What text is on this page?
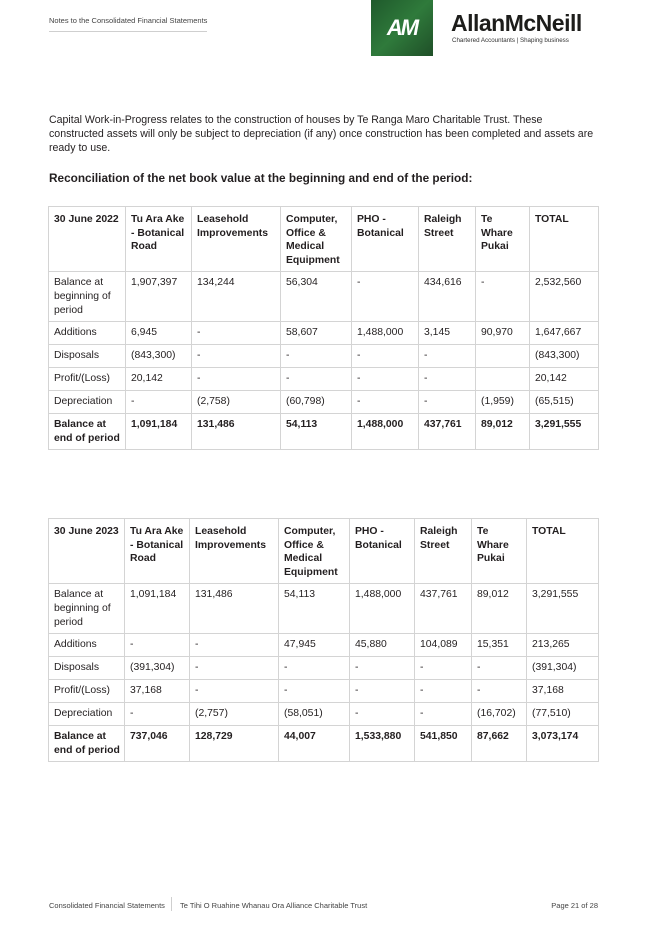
Notes to the Consolidated Financial Statements	AM AllanMcNeill
Chartered Accountants | Shaping business
Capital Work-in-Progress relates to the construction of houses by Te Ranga Maro Charitable Trust. These constructed assets will only be subject to depreciation (if any) once construction has been completed and assets are ready to use.
Reconciliation of the net book value at the beginning and end of the period:
30 June 2022	Tu Ara Ake - Botanical Road	Leasehold Improvements	Computer, Office & Medical Equipment	PHO - Botanical	Raleigh Street	Te Whare Pukai	TOTAL
Balance at beginning of period	1,907,397	134,244	56,304	-	434,616	-	2,532,560
Additions	6,945	-	58,607	1,488,000	3,145	90,970	1,647,667
Disposals	(843,300)	-	-	-	-		(843,300)
Profit/(Loss)	20,142	-	-	-	-		20,142
Depreciation	-	(2,758)	(60,798)	-	-	(1,959)	(65,515)
Balance at end of period	1,091,184	131,486	54,113	1,488,000	437,761	89,012	3,291,555
30 June 2023	Tu Ara Ake - Botanical Road	Leasehold Improvements	Computer, Office & Medical Equipment	PHO - Botanical	Raleigh Street	Te Whare Pukai	TOTAL
Balance at beginning of period	1,091,184	131,486	54,113	1,488,000	437,761	89,012	3,291,555
Additions	-	-	47,945	45,880	104,089	15,351	213,265
Disposals	(391,304)	-	-	-	-	-	(391,304)
Profit/(Loss)	37,168	-	-	-	-	-	37,168
Depreciation	-	(2,757)	(58,051)	-	-	(16,702)	(77,510)
Balance at end of period	737,046	128,729	44,007	1,533,880	541,850	87,662	3,073,174
Consolidated Financial Statements Te Tihi O Ruahine Whanau Ora Alliance Charitable Trust	Page 21 of 28
